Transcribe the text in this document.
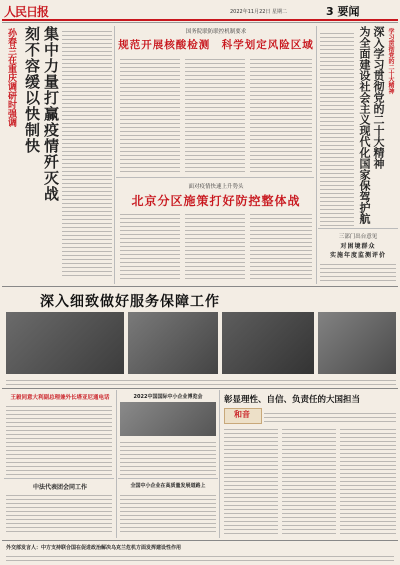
人民日报	2022年11月22日 星期二	3 要闻
孙春兰在重庆调研时强调 集中力量打赢疫情歼灭战
刻不容缓以快制快	国务院联防联控机制要求
规范开展核酸检测　科学划定风险区域
面对疫情快速上升势头
北京分区施策打好防控整体战
学习贯彻党的二十大精神
深入学习贯彻党的二十大精神
为全面建设社会主义现代化国家保驾护航
三部门出台意见
对困境群众
实施年度监测评价
深入细致做好服务保障工作
王毅同意大利副总理兼外长塔亚尼通电话
中法代表团会同工作
2022中国国际中小企业博览会
全国中小企业在高质量发展道路上
彰显理性、自信、负责任的大国担当
和音
外交部发言人：中方支持联合国在促进政治解决乌克兰危机方面发挥建设性作用
